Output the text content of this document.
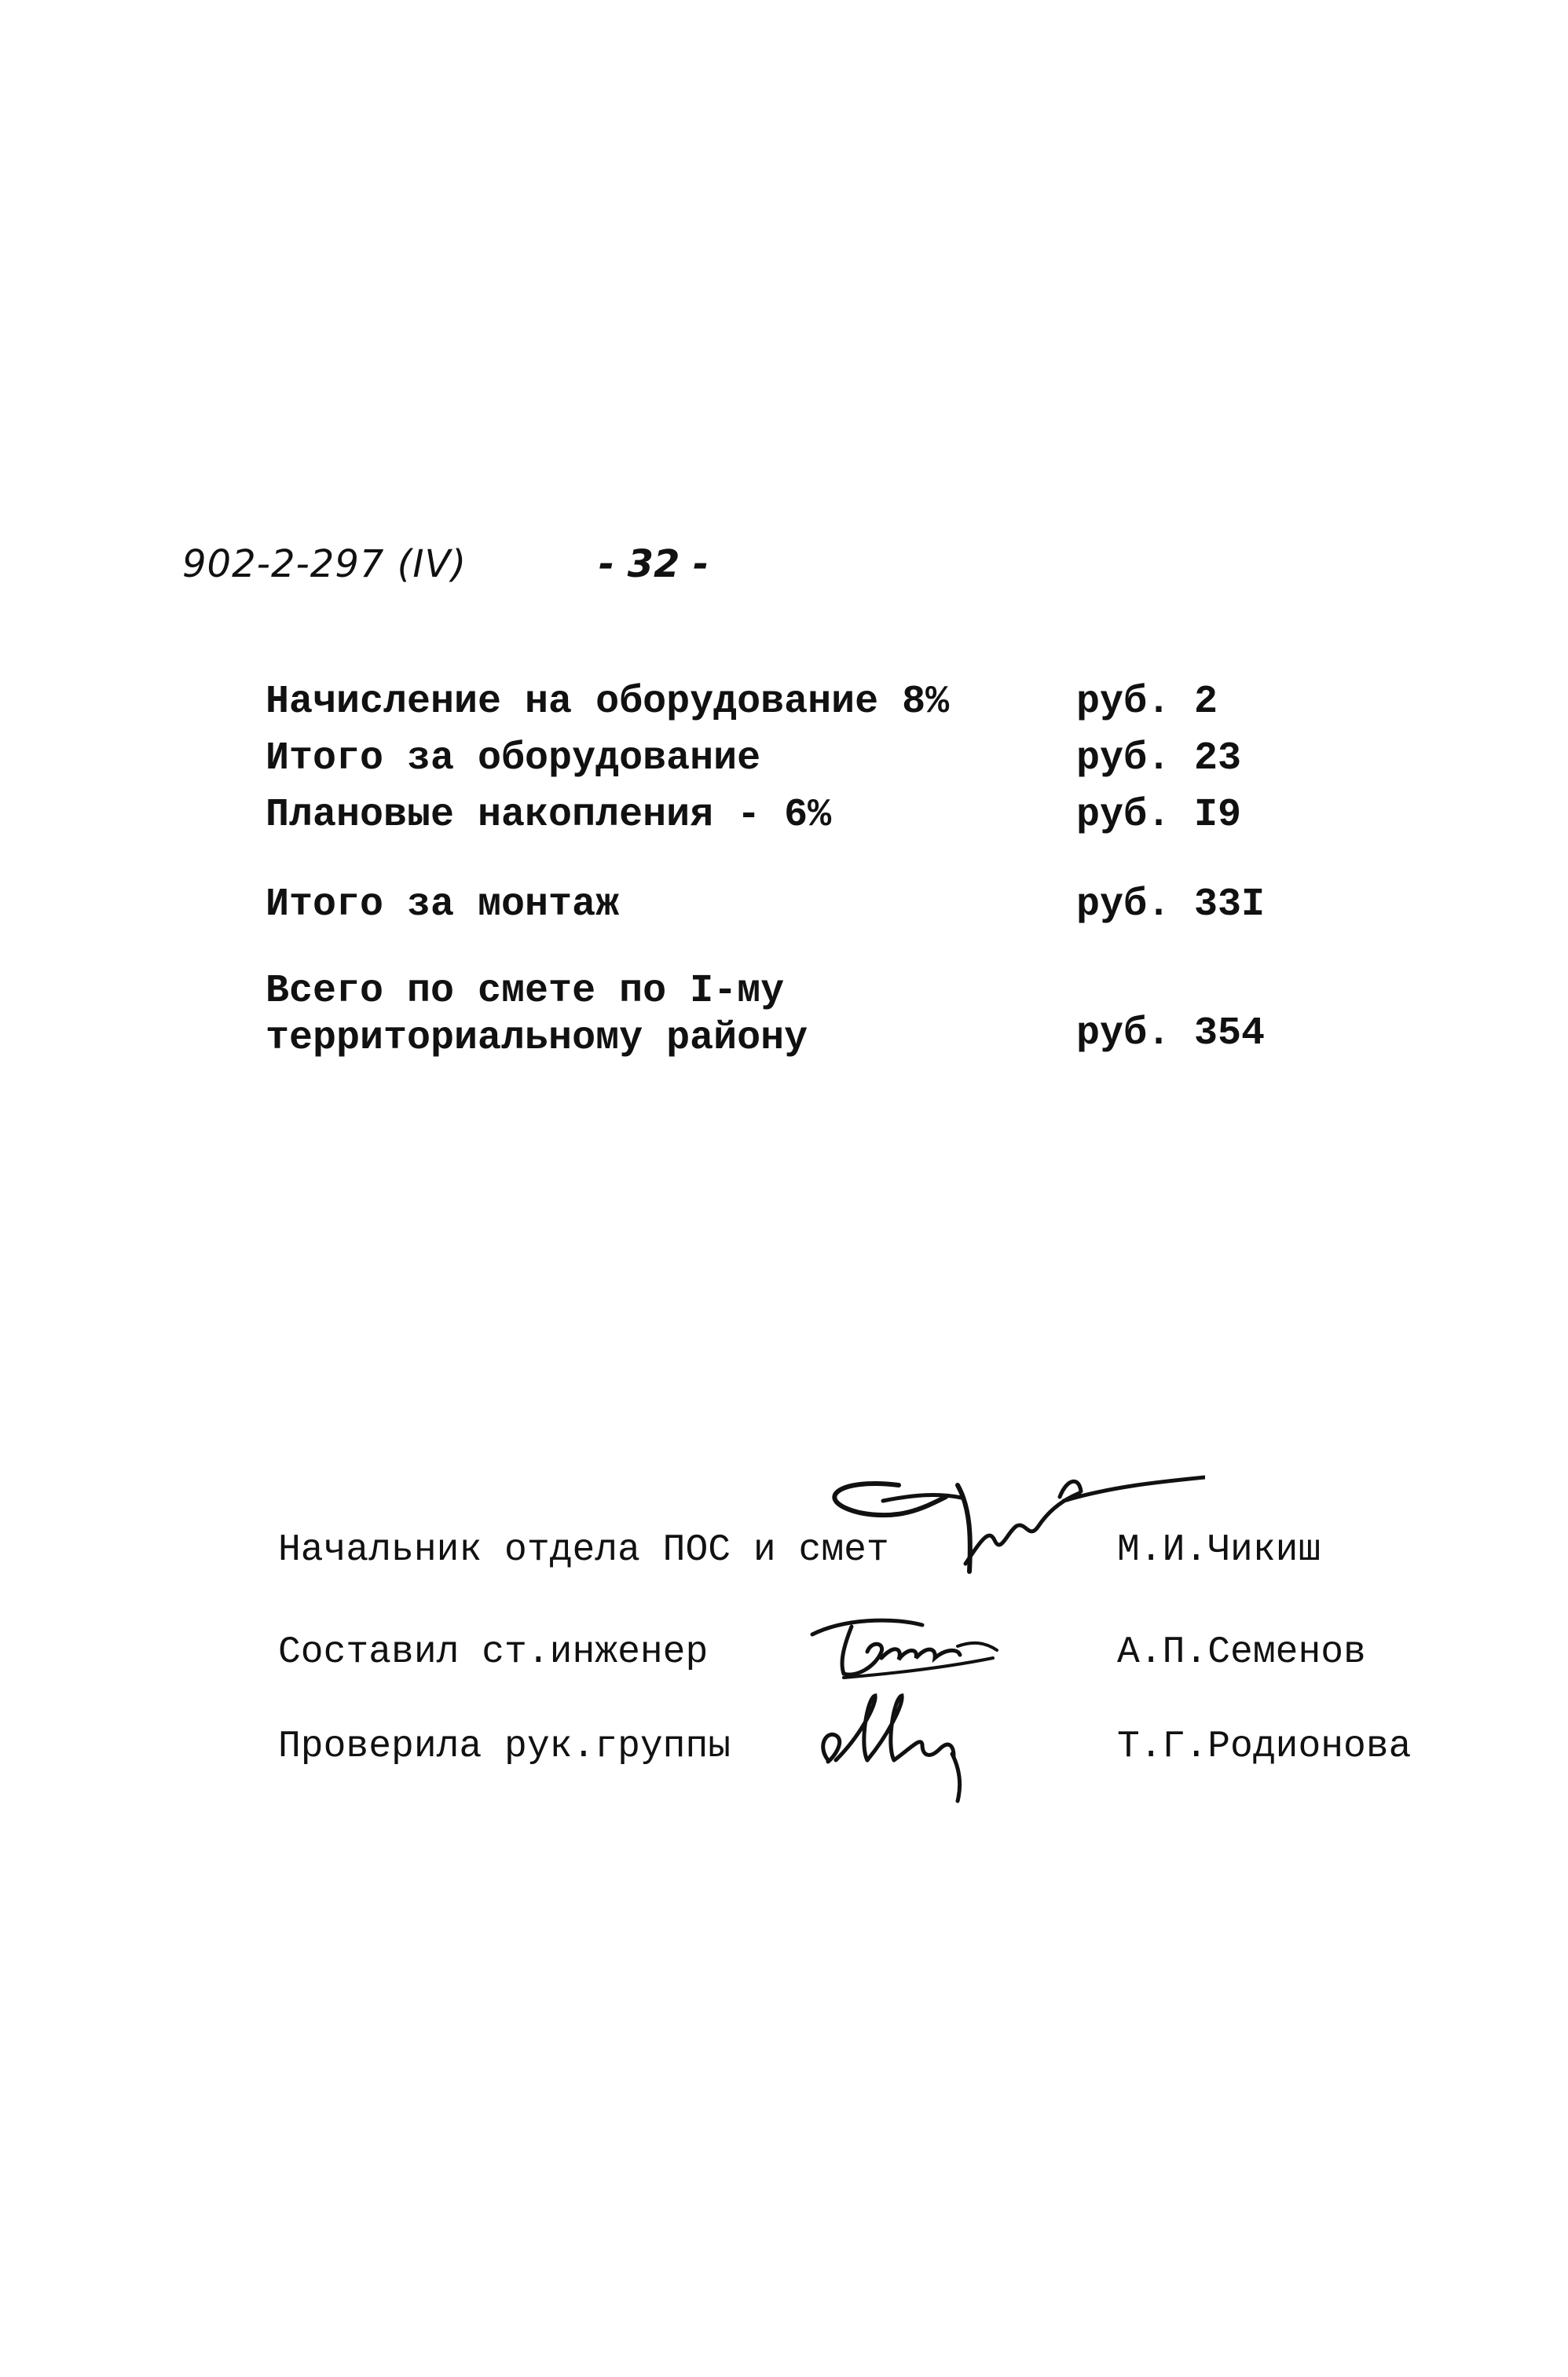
902-2-297 (IV)	- 32 -
Начисление на оборудование 8%	руб. 2
Итого за оборудование	руб. 23
Плановые накопления - 6%	руб. I9
Итого за монтаж	руб. 33I
Всего по смете по I-му
территориальному району	руб. 354
Начальник отдела ПОС и смет	М.И.Чикиш
Составил ст.инженер	А.П.Семенов
Проверила рук.группы	Т.Г.Родионова
